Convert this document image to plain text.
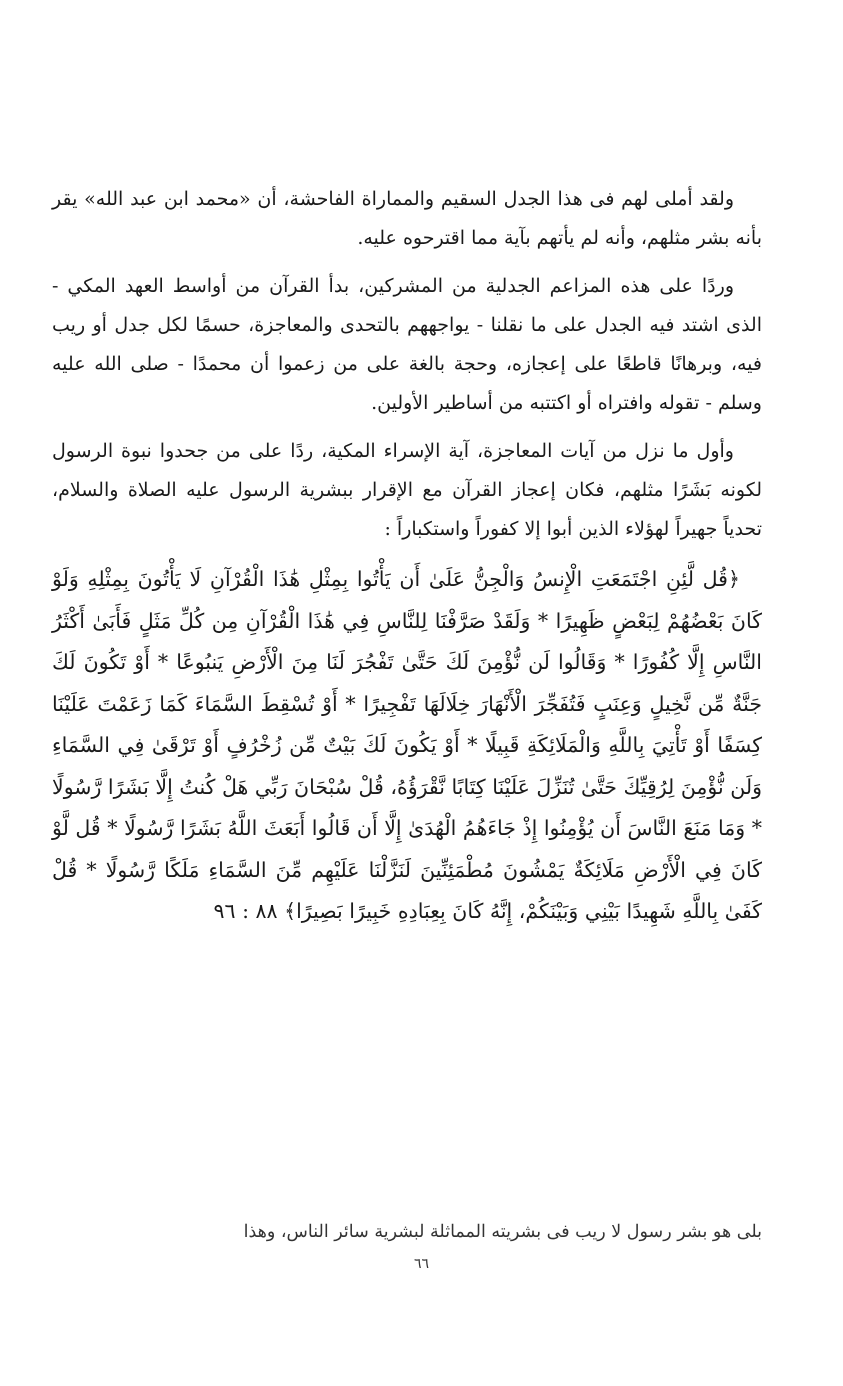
ولقد أملى لهم فى هذا الجدل السقيم والمماراة الفاحشة، أن «محمد ابن عبد الله» يقر بأنه بشر مثلهم، وأنه لم يأتهم بآية مما اقترحوه عليه.

وردًا على هذه المزاعم الجدلية من المشركين، بدأ القرآن من أواسط العهد المكي - الذى اشتد فيه الجدل على ما نقلنا - يواجههم بالتحدى والمعاجزة، حسمًا لكل جدل أو ريب فيه، وبرهانًا قاطعًا على إعجازه، وحجة بالغة على من زعموا أن محمدًا - صلى الله عليه وسلم - تقوله وافتراه أو اكتتبه من أساطير الأولين.

وأول ما نزل من آيات المعاجزة، آية الإسراء المكية، ردًا على من جحدوا نبوة الرسول لكونه بَشَرًا مثلهم، فكان إعجاز القرآن مع الإقرار ببشرية الرسول عليه الصلاة والسلام، تحدياً جهيراً لهؤلاء الذين أبوا إلا كفوراً واستكباراً :

﴿قُل لَّئِنِ اجْتَمَعَتِ الْإِنسُ وَالْجِنُّ عَلَىٰ أَن يَأْتُوا بِمِثْلِ هَٰذَا الْقُرْآنِ لَا يَأْتُونَ بِمِثْلِهِ وَلَوْ كَانَ بَعْضُهُمْ لِبَعْضٍ ظَهِيرًا * وَلَقَدْ صَرَّفْنَا لِلنَّاسِ فِي هَٰذَا الْقُرْآنِ مِن كُلِّ مَثَلٍ فَأَبَىٰ أَكْثَرُ النَّاسِ إِلَّا كُفُورًا * وَقَالُوا لَن نُّؤْمِنَ لَكَ حَتَّىٰ تَفْجُرَ لَنَا مِنَ الْأَرْضِ يَنبُوعًا * أَوْ تَكُونَ لَكَ جَنَّةٌ مِّن نَّخِيلٍ وَعِنَبٍ فَتُفَجِّرَ الْأَنْهَارَ خِلَالَهَا تَفْجِيرًا * أَوْ تُسْقِطَ السَّمَاءَ كَمَا زَعَمْتَ عَلَيْنَا كِسَفًا أَوْ تَأْتِيَ بِاللَّهِ وَالْمَلَائِكَةِ قَبِيلًا * أَوْ يَكُونَ لَكَ بَيْتٌ مِّن زُخْرُفٍ أَوْ تَرْقَىٰ فِي السَّمَاءِ وَلَن نُّؤْمِنَ لِرُقِيِّكَ حَتَّىٰ تُنَزِّلَ عَلَيْنَا كِتَابًا نَّقْرَؤُهُ، قُلْ سُبْحَانَ رَبِّي هَلْ كُنتُ إِلَّا بَشَرًا رَّسُولًا * وَمَا مَنَعَ النَّاسَ أَن يُؤْمِنُوا إِذْ جَاءَهُمُ الْهُدَىٰ إِلَّا أَن قَالُوا أَبَعَثَ اللَّهُ بَشَرًا رَّسُولًا * قُل لَّوْ كَانَ فِي الْأَرْضِ مَلَائِكَةٌ يَمْشُونَ مُطْمَئِنِّينَ لَنَزَّلْنَا عَلَيْهِم مِّنَ السَّمَاءِ مَلَكًا رَّسُولًا * قُلْ كَفَىٰ بِاللَّهِ شَهِيدًا بَيْنِي وَبَيْنَكُمْ، إِنَّهُ كَانَ بِعِبَادِهِ خَبِيرًا بَصِيرًا﴾ ٨٨ : ٩٦

بلى هو بشر رسول لا ريب فى بشريته المماثلة لبشرية سائر الناس، وهذا
٦٦
